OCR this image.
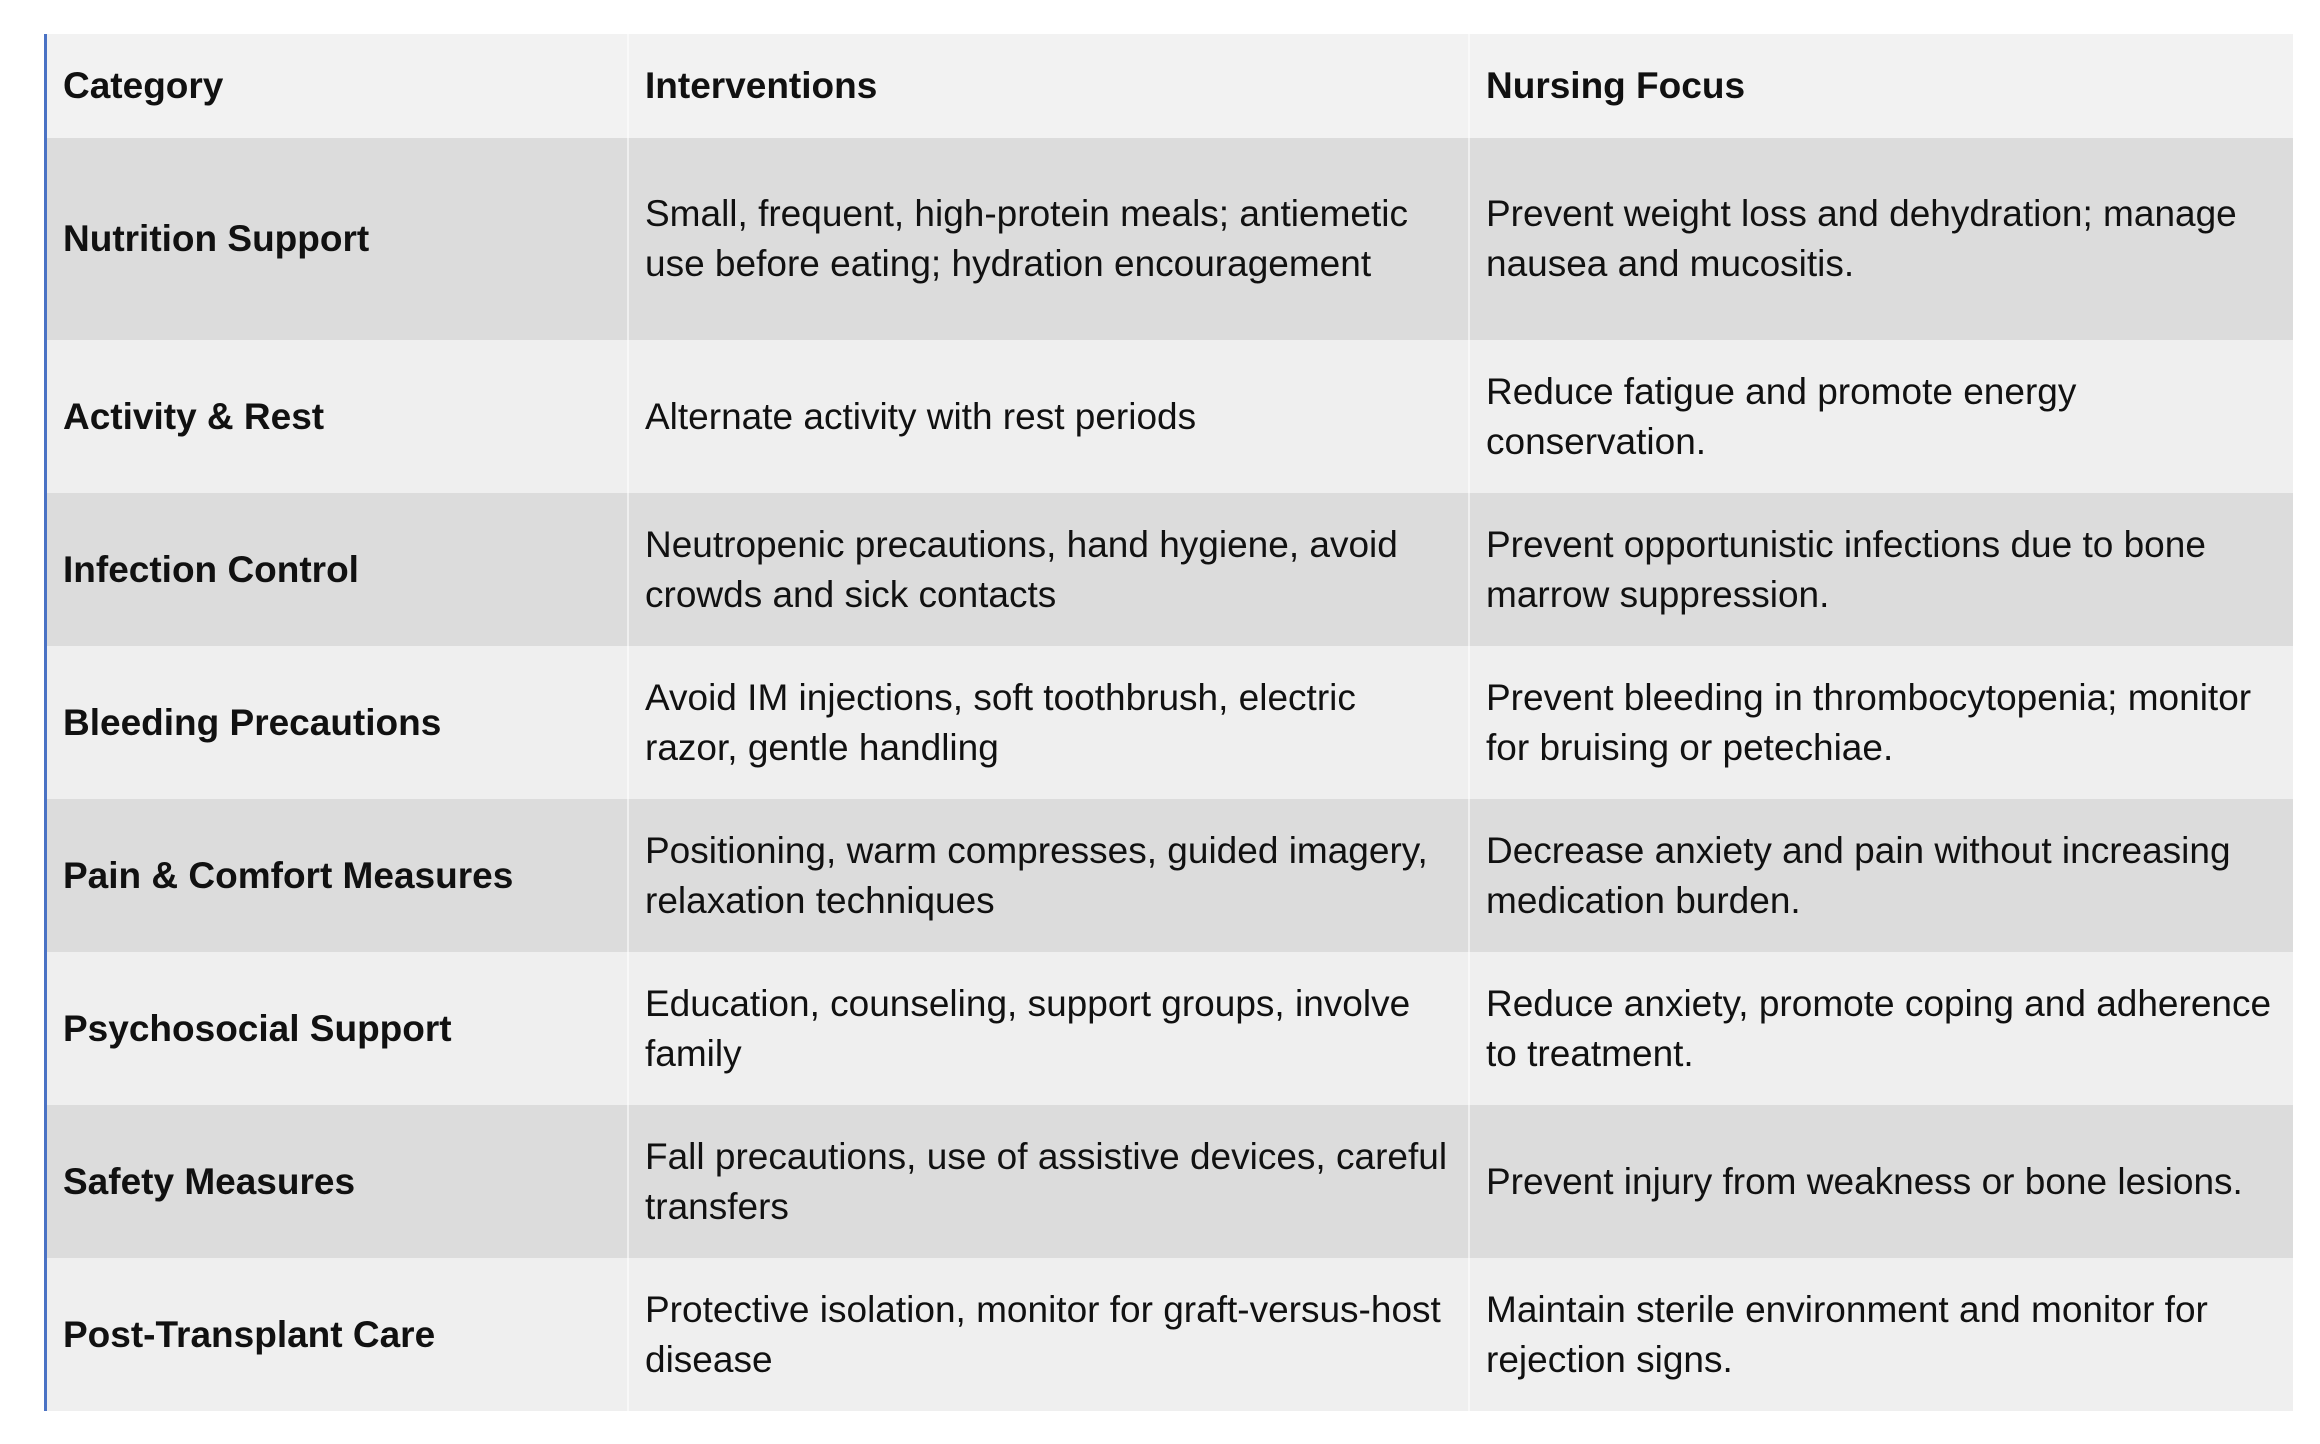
Category	Interventions	Nursing Focus
Nutrition Support	Small, frequent, high-protein meals; antiemetic use before eating; hydration encouragement	Prevent weight loss and dehydration; manage nausea and mucositis.
Activity & Rest	Alternate activity with rest periods	Reduce fatigue and promote energy conservation.
Infection Control	Neutropenic precautions, hand hygiene, avoid crowds and sick contacts	Prevent opportunistic infections due to bone marrow suppression.
Bleeding Precautions	Avoid IM injections, soft toothbrush, electric razor, gentle handling	Prevent bleeding in thrombocytopenia; monitor for bruising or petechiae.
Pain & Comfort Measures	Positioning, warm compresses, guided imagery, relaxation techniques	Decrease anxiety and pain without increasing medication burden.
Psychosocial Support	Education, counseling, support groups, involve family	Reduce anxiety, promote coping and adherence to treatment.
Safety Measures	Fall precautions, use of assistive devices, careful transfers	Prevent injury from weakness or bone lesions.
Post-Transplant Care	Protective isolation, monitor for graft-versus-host disease	Maintain sterile environment and monitor for rejection signs.
